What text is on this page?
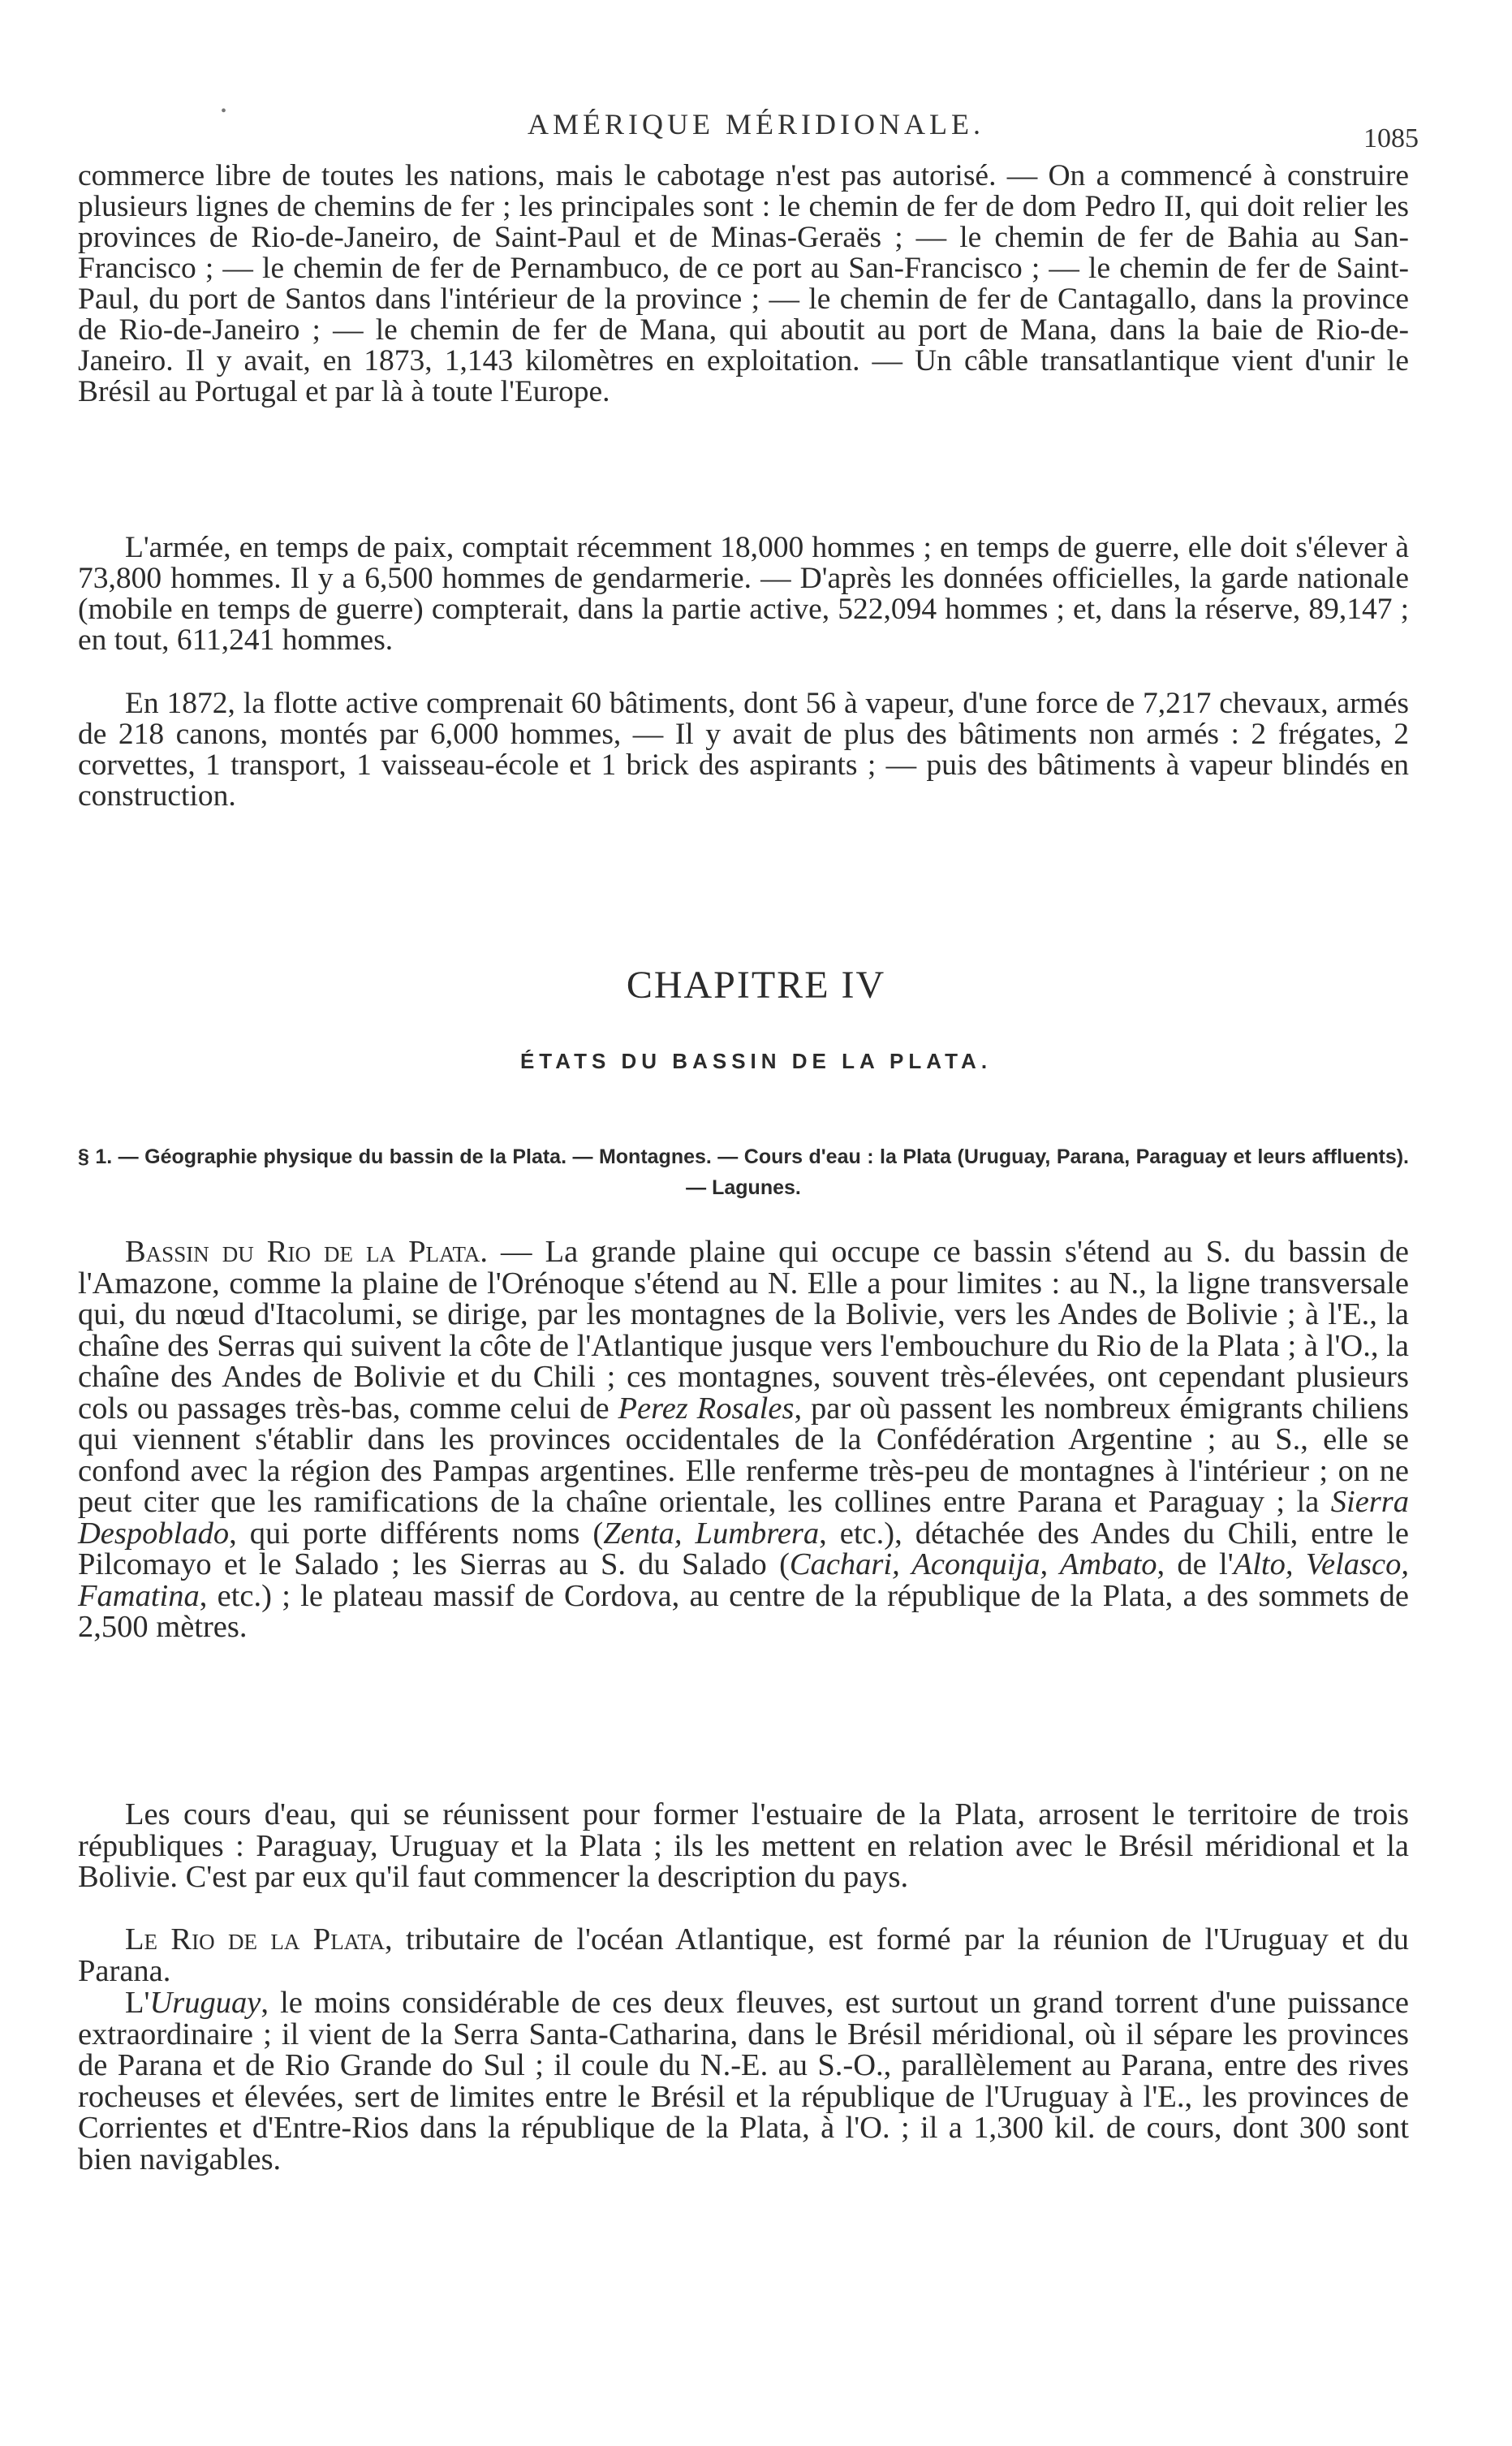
•	AMÉRIQUE MÉRIDIONALE.	1085

commerce libre de toutes les nations, mais le cabotage n'est pas autorisé. — On a commencé à construire plusieurs lignes de chemins de fer ; les principales sont : le chemin de fer de dom Pedro II, qui doit relier les provinces de Rio-de-Janeiro, de Saint-Paul et de Minas-Geraës ; — le chemin de fer de Bahia au San-Francisco ; — le chemin de fer de Pernambuco, de ce port au San-Francisco ; — le chemin de fer de Saint-Paul, du port de Santos dans l'intérieur de la province ; — le chemin de fer de Cantagallo, dans la province de Rio-de-Janeiro ; — le chemin de fer de Mana, qui aboutit au port de Mana, dans la baie de Rio-de-Janeiro. Il y avait, en 1873, 1,143 kilomètres en exploitation. — Un câble transatlantique vient d'unir le Brésil au Portugal et par là à toute l'Europe.

L'armée, en temps de paix, comptait récemment 18,000 hommes ; en temps de guerre, elle doit s'élever à 73,800 hommes. Il y a 6,500 hommes de gendarmerie. — D'après les données officielles, la garde nationale (mobile en temps de guerre) compterait, dans la partie active, 522,094 hommes ; et, dans la réserve, 89,147 ; en tout, 611,241 hommes.

En 1872, la flotte active comprenait 60 bâtiments, dont 56 à vapeur, d'une force de 7,217 chevaux, armés de 218 canons, montés par 6,000 hommes, — Il y avait de plus des bâtiments non armés : 2 frégates, 2 corvettes, 1 transport, 1 vaisseau-école et 1 brick des aspirants ; — puis des bâtiments à vapeur blindés en construction.

CHAPITRE IV
ÉTATS DU BASSIN DE LA PLATA.

§ 1. — Géographie physique du bassin de la Plata. — Montagnes. — Cours d'eau : la Plata (Uruguay, Parana, Paraguay et leurs affluents). — Lagunes.

Bassin du Rio de la Plata. — La grande plaine qui occupe ce bassin s'étend au S. du bassin de l'Amazone, comme la plaine de l'Orénoque s'étend au N. Elle a pour limites : au N., la ligne transversale qui, du nœud d'Itacolumi, se dirige, par les montagnes de la Bolivie, vers les Andes de Bolivie ; à l'E., la chaîne des Serras qui suivent la côte de l'Atlantique jusque vers l'embouchure du Rio de la Plata ; à l'O., la chaîne des Andes de Bolivie et du Chili ; ces montagnes, souvent très-élevées, ont cependant plusieurs cols ou passages très-bas, comme celui de Perez Rosales, par où passent les nombreux émigrants chiliens qui viennent s'établir dans les provinces occidentales de la Confédération Argentine ; au S., elle se confond avec la région des Pampas argentines. Elle renferme très-peu de montagnes à l'intérieur ; on ne peut citer que les ramifications de la chaîne orientale, les collines entre Parana et Paraguay ; la Sierra Despoblado, qui porte différents noms (Zenta, Lumbrera, etc.), détachée des Andes du Chili, entre le Pilcomayo et le Salado ; les Sierras au S. du Salado (Cachari, Aconquija, Ambato, de l'Alto, Velasco, Famatina, etc.) ; le plateau massif de Cordova, au centre de la république de la Plata, a des sommets de 2,500 mètres.

Les cours d'eau, qui se réunissent pour former l'estuaire de la Plata, arrosent le territoire de trois républiques : Paraguay, Uruguay et la Plata ; ils les mettent en relation avec le Brésil méridional et la Bolivie. C'est par eux qu'il faut commencer la description du pays.

Le Rio de la Plata, tributaire de l'océan Atlantique, est formé par la réunion de l'Uruguay et du Parana.

L'Uruguay, le moins considérable de ces deux fleuves, est surtout un grand torrent d'une puissance extraordinaire ; il vient de la Serra Santa-Catharina, dans le Brésil méridional, où il sépare les provinces de Parana et de Rio Grande do Sul ; il coule du N.-E. au S.-O., parallèlement au Parana, entre des rives rocheuses et élevées, sert de limites entre le Brésil et la république de l'Uruguay à l'E., les provinces de Corrientes et d'Entre-Rios dans la république de la Plata, à l'O. ; il a 1,300 kil. de cours, dont 300 sont bien navigables.
